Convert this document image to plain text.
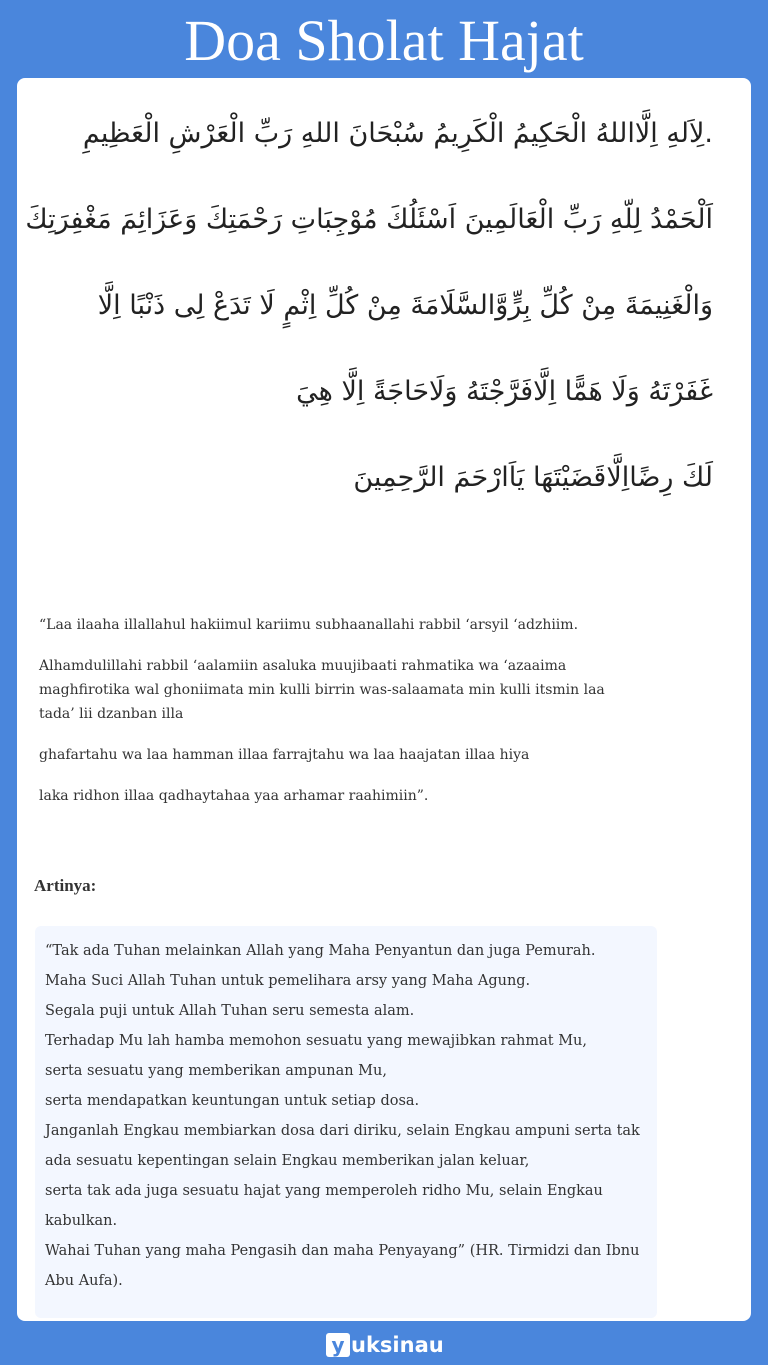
Doa Sholat Hajat
.لِاَلهِ اِلَّااللهُ الْحَكِيمُ الْكَرِيمُ سُبْحَانَ اللهِ رَبِّ الْعَرْشِ الْعَظِيمِ
اَلْحَمْدُ لِلّهِ رَبِّ الْعَالَمِينَ اَسْئَلُكَ مُوْجِبَاتِ رَحْمَتِكَ وَعَزَائِمَ مَغْفِرَتِكَ
وَالْغَنِيمَةَ مِنْ كُلِّ بِرٍّوَّالسَّلَامَةَ مِنْ كُلِّ اِثْمٍ لَا تَدَعْ لِى ذَنْبًا اِلَّا
غَفَرْتَهُ وَلَا هَمًّا اِلَّافَرَّجْتَهُ وَلَاحَاجَةً اِلَّا هِيَ
لَكَ رِضًااِلَّاقَضَيْتَهَا يَاَارْحَمَ الرَّحِمِينَ

“Laa ilaaha illallahul hakiimul kariimu subhaanallahi rabbil ‘arsyil ‘adzhiim.

Alhamdulillahi rabbil ‘aalamiin asaluka muujibaati rahmatika wa ‘azaaima maghfirotika wal ghoniimata min kulli birrin was-salaamata min kulli itsmin laa tada’ lii dzanban illa

ghafartahu wa laa hamman illaa farrajtahu wa laa haajatan illaa hiya

laka ridhon illaa qadhaytahaa yaa arhamar raahimiin”.

Artinya:

“Tak ada Tuhan melainkan Allah yang Maha Penyantun dan juga Pemurah.

Maha Suci Allah Tuhan untuk pemelihara arsy yang Maha Agung.

Segala puji untuk Allah Tuhan seru semesta alam.

Terhadap Mu lah hamba memohon sesuatu yang mewajibkan rahmat Mu,

serta sesuatu yang memberikan ampunan Mu,

serta mendapatkan keuntungan untuk setiap dosa.

Janganlah Engkau membiarkan dosa dari diriku, selain Engkau ampuni serta tak ada sesuatu kepentingan selain Engkau memberikan jalan keluar,

serta tak ada juga sesuatu hajat yang memperoleh ridho Mu, selain Engkau kabulkan.

Wahai Tuhan yang maha Pengasih dan maha Penyayang” (HR. Tirmidzi dan Ibnu Abu Aufa).

y uksinau
